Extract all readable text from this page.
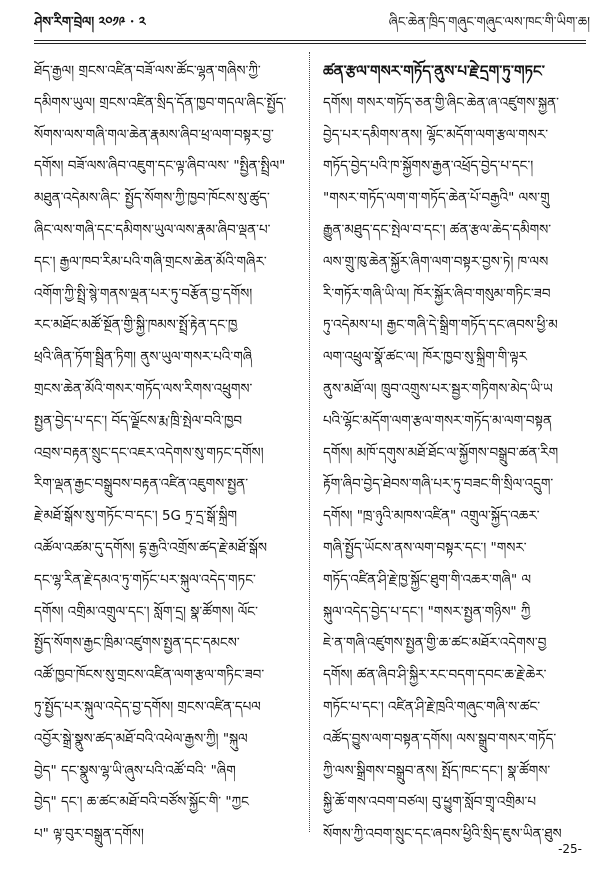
ཤེས་རིག་བྲེལ། ༢༠༡༩ · ༢	ཞིང་ཆེན་ཁྲིད་གཞུང་གཞུང་ལས་ཁང་གི་ཡིག་ཆ།
ཐོད་རྒྱལ། གྲངས་འཛིན་བཟོ་ལས་ཚོང་ལྷན་གཞིས་ཀྱི་
དམིགས་ཡུལ། གྲངས་འཛིན་སྲིད་དོན་ཁྱབ་གདལ་ཞིང་སྤྱོད་
སོགས་ལས་གཞི་གལ་ཆེན་རྣམས་ཞིབ་ཕྲ་ལག་བསྟར་བྱ་
དགོས། བཟོ་ལས་ཞིབ་འཇུག་དང་ལྟ་ཞིབ་ལས་ "སྤྱིན་སྤྲིལ"
མཐུན་འདེམས་ཞིང་ སྤྱོད་སོགས་ཀྱི་ཁྱབ་ཁོངས་སུ་ཚུད་
ཞིང་ལས་གཞི་དང་དམིགས་ཡུལ་ལས་རྣམ་ཞིབ་ལྡན་པ་
དང་། རྒྱལ་ཁབ་རིམ་པའི་གཞི་གྲངས་ཆེན་མོའི་གཞིར་
འགོག་ཀྱི་སྤྲི་སྙེ་གནས་ལྡན་པར་ཏུ་བརྩོན་བྱ་དགོས།
རང་མཐོང་མཚོ་སྔོན་གྱི་སྐྱི་ཁམས་སྤྲོ་རྟེན་དང་ཁྱ
ཕྲའི་ཞིན་ཏོག་སྦྲིན་ཏིག། ནུས་ཡུལ་གསར་པའི་གཞི
གྲངས་ཆེན་མོའི་གསར་གཏོད་ལས་རིགས་འཕྲུགས་
སྤྱན་བྱེད་པ་དང་། བོད་ལྗོངས་རྨ་ཁྲི་སྤེལ་བའི་ཁྱབ
འབྲས་བརྟན་སྲུང་དང་འཇར་འདེགས་སུ་གཏང་དགོས།
རིག་ལྡན་རྒྱང་བསྒྲུབས་བརྟན་འཛིན་འཇུགས་སྤྱན་
རྗེ་མཐོ་སྒོས་སུ་གཏོང་བ་དང་། 5G ཏྲ་དྲ་སྒོ་སྐྲིག
འཚོལ་འཚམ་དུ་དགོས། དྷ་རྒྱའི་འགྲོས་ཚད་རྗེ་མཐོ་སྒོས
དང་ལྷ་རིན་རྗེ་དམའ་ཏུ་གཏོང་པར་སྐུལ་འདེད་གཏང་
དགོས། འགྲིམ་འགྲུལ་དང་། སློག་དྲ། སྣ་ཚོགས། ལོང་
སྤྱོད་སོགས་རྒྱང་ཁྲིམ་འཛུགས་སྤྱན་དང་དམངས་
འཚོ་ཁྱབ་ཁོངས་སུ་གྲངས་འཛིན་ལག་རྩལ་གཏིང་ཟབ་
ཏུ་སྤྱོད་པར་སྐུལ་འདེད་བྱ་དགོས། གྲངས་འཛིན་དཔལ
འབྱོར་སྒྲེ་སྣུས་ཚད་མཐོ་བའི་འཕེལ་རྒྱས་ཀྱི། "སྐུལ
བྱེད" དང་སྣུས་ལྷ་ཡི་ཞུས་པའི་འཚོ་བའི་ "ཞིག
བྱེད" དང་། ཆ་ཚང་མཐོ་བའི་བཙོས་སྐྱོང་གི་ "ཀྱང
པ" ལྟ་བུར་བསྒྲུན་དགོས།
ཚན་རྩལ་གསར་གཏོད་ནུས་པ་རྗེ་དྲག་ཏུ་གཏང་
དགོས། གསར་གཏོད་ཅན་གྱི་ཞིང་ཆེན་ཞ་འཛུགས་སྐྱན་
བྱེད་པར་དམིགས་ནས། ལྷོང་མདོག་ལག་རྩལ་གསར་
གཏོད་བྱེད་པའི་ཁ་སྐྱོགས་རྒྱན་འཕྲོད་བྱེད་པ་དང་།
"གསར་གཏོད་ལག་ག་གཏོད་ཆེན་པོ་བརྒྱའི" ལས་གྲུ
རྒྱུན་མཐུད་དང་སྤེལ་བ་དང་། ཚན་རྩལ་ཆེད་དམིགས་
ལས་གྲུ་ཁུ་ཆེན་སྐྱོར་ཞིག་ལག་བསྟར་བྱས་ཏེ། ཁ་ལས
རི་གཏོར་གཞི་ཡི་ལ། ཁོར་སྐྱོར་ཞིབ་གསུམ་གཏིང་ཟབ
ཏུ་འདེམས་པ། རྒྱང་གཞི་དེ་སྒྲིག་གཏོད་དང་ཞབས་ཕྱི་མ
ལག་འཕྲུལ་སྣོ་ཚང་ལ། ཁོར་ཁྱབ་སུ་སྐྲིག་གི་ལྟར
ནུས་མཐོ་ལ། ཁྲུབ་འགྲུས་པར་སྦྱར་གཏིགས་མེད་ཡི་ཡ
པའི་ལྷོང་མདོག་ལག་རྩལ་གསར་གཏོད་མ་ལག་བསྟན
དགོས། མཁོ་དགུས་མཐོ་ཐོང་ལ་སྐྱོགས་བསྒྲུབ་ཚན་རིག
རྟོག་ཞིབ་བྱེད་ཐེབས་གཞི་པར་ཏུ་བཟང་གི་སྲིལ་འདྲུག་
དགོས། "ཁྲ་ཉུའི་མཁས་འཛིན" འགྲུལ་སྐྱོད་འཆར་
གཞི་སྤྱོད་ཡོངས་ནས་ལག་བསྟར་དང་། "གསར་
གཏོད་འཛིན་ཤི་རྗེ་ཁྱ་སྐྱོང་ཐུག་གི་འཆར་གཞི" ལ
སྐུལ་འདེད་བྱེད་པ་དང་། "གསར་སྤྱན་གཉིས" ཀྱི
ཇེ་ན་གཞི་འཛུགས་སྤྱན་གྱི་ཆ་ཚང་མཐོར་འདེགས་བྱ
དགོས། ཚན་ཞིབ་ཤི་སྐྱིར་རང་བདག་དབང་ཆ་རྗེ་ཆེར་
གཏོང་པ་དང་། འཛིན་ཤི་རྗེ་ཁྲའི་གཞུང་གཞི་ས་ཚང་
འཚོད་བྱུས་ལག་བསྟན་དགོས། ལས་སྒྲུབ་གསར་གཏོད་
ཀྱི་ལས་སྒྲིགས་བསྒྲུབ་ནས། སྤོད་ཁང་དང་། སྣ་ཚོགས་
སྐྱི་ཆོ་གས་འབག་བཙལ། བུ་ཕྱུག་སློབ་གྲྭ་འགྲིམ་པ
སོགས་ཀྱི་འབག་སྲུང་དང་ཞབས་ཕྱིའི་སྲིད་ཇུས་ཡིན་ཐུས
-25-
